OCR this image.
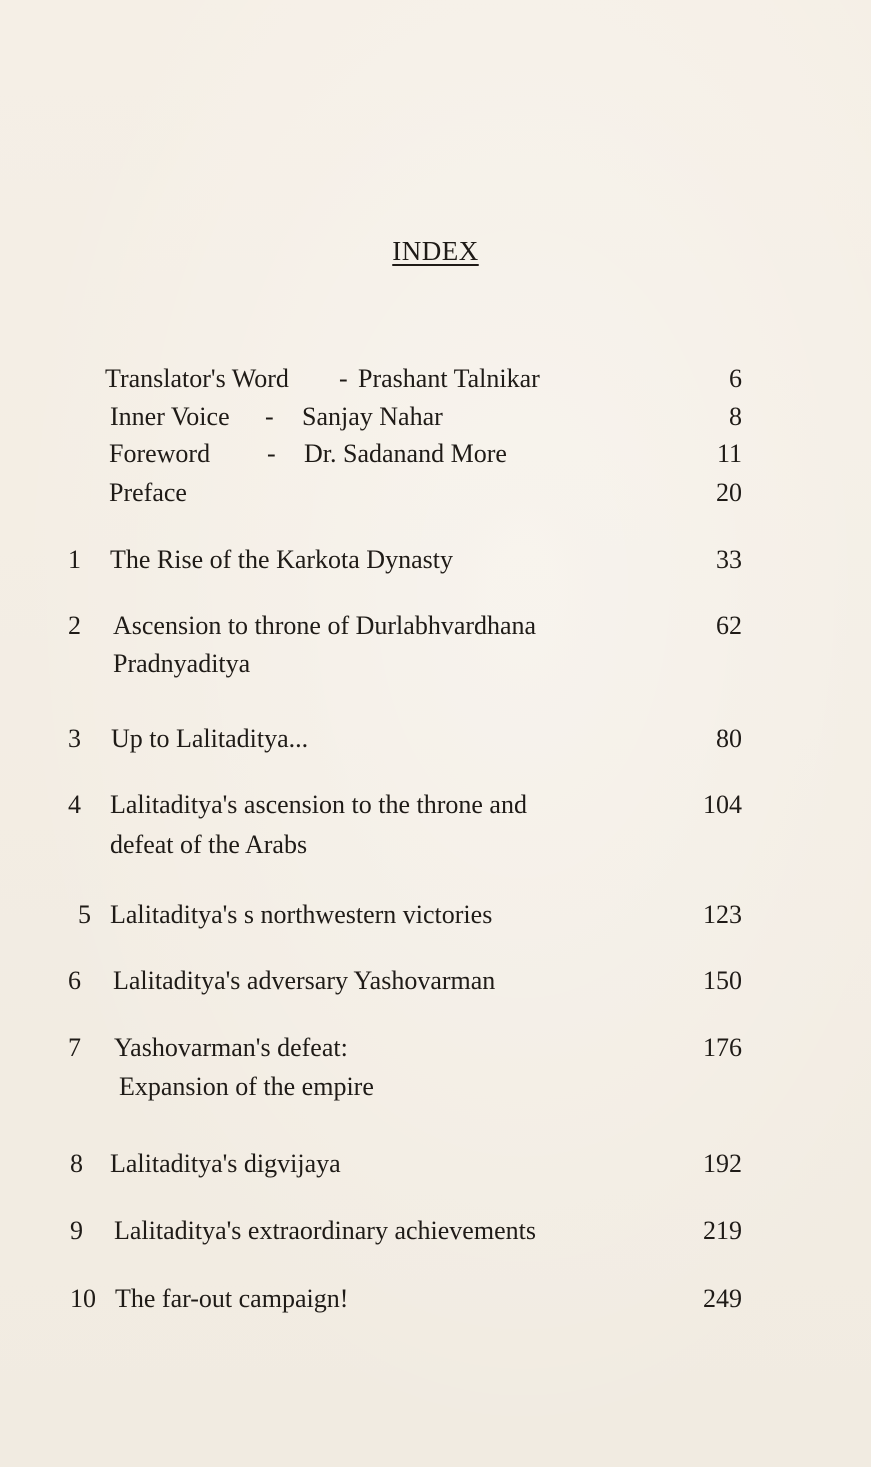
INDEX
Translator's Word - Prashant Talnikar	6
Inner Voice - Sanjay Nahar	8
Foreword - Dr. Sadanand More	11
Preface	20
1 The Rise of the Karkota Dynasty	33
2 Ascension to throne of Durlabhvardhana	62
Pradnyaditya
3 Up to Lalitaditya...	80
4 Lalitaditya's ascension to the throne and	104
defeat of the Arabs
5 Lalitaditya's s northwestern victories	123
6 Lalitaditya's adversary Yashovarman	150
7 Yashovarman's defeat:	176
Expansion of the empire
8 Lalitaditya's digvijaya	192
9 Lalitaditya's extraordinary achievements	219
10 The far-out campaign!	249
